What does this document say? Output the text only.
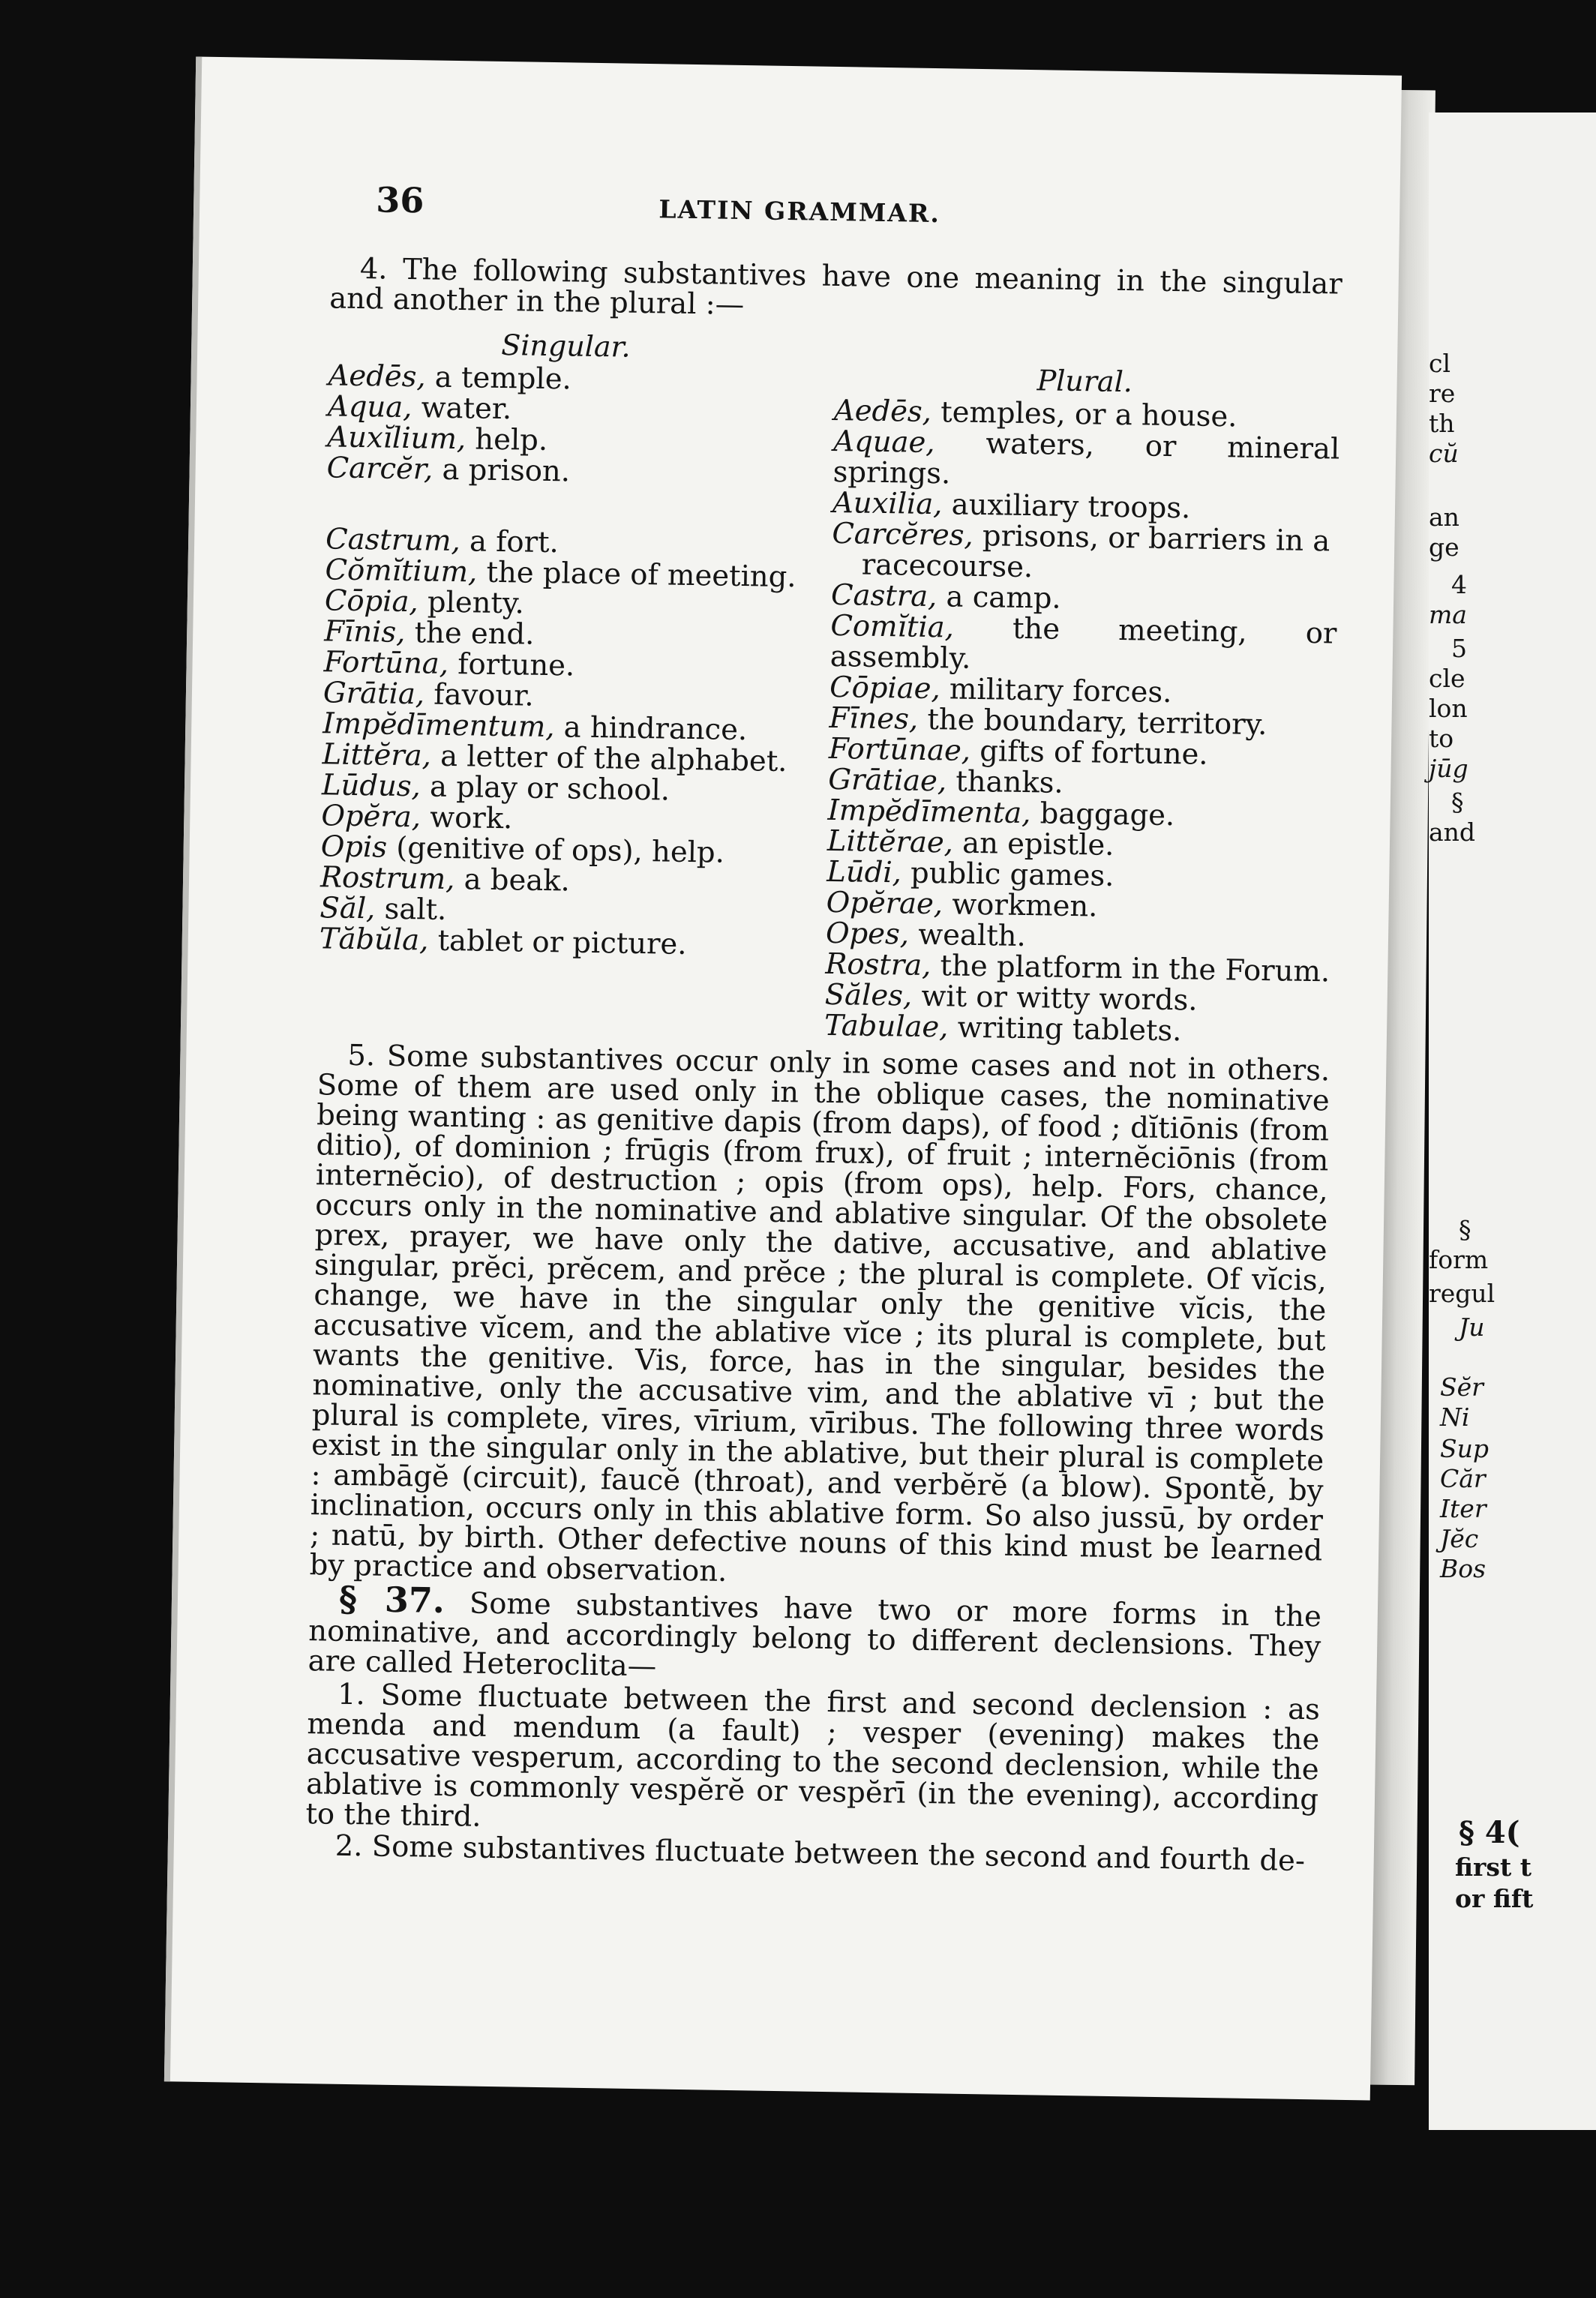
cl
re
th
cŭ
an
ge
4
ma
5
cle
lon
to
jūg
§
and
§
form
regul
Ju
Sĕr
Ni
Sup
Căr
Iter
Jĕc
Bos
§ 4(
first t
or fift
36	LATIN GRAMMAR.

4. The following substantives have one meaning in the singular and another in the plural :—

Singular.

Aedēs, a temple.

Aqua, water.

Auxĭlium, help.

Carcĕr, a prison.

Castrum, a fort.

Cŏmĭtium, the place of meeting.

Cōpia, plenty.

Fīnis, the end.

Fortūna, fortune.

Grātia, favour.

Impĕdīmentum, a hindrance.

Littĕra, a letter of the alphabet.

Lūdus, a play or school.

Opĕra, work.

Opis (genitive of ops), help.

Rostrum, a beak.

Săl, salt.

Tăbŭla, tablet or picture.

Plural.

Aedēs, temples, or a house.

Aquae, waters, or mineral springs.

Auxilia, auxiliary troops.

Carcĕres, prisons, or barriers in a

racecourse.

Castra, a camp.

Comĭtia, the meeting, or assembly.

Cōpiae, military forces.

Fīnes, the boundary, territory.

Fortūnae, gifts of fortune.

Grātiae, thanks.

Impĕdīmenta, baggage.

Littĕrae, an epistle.

Lūdi, public games.

Opĕrae, workmen.

Opes, wealth.

Rostra, the platform in the Forum.

Săles, wit or witty words.

Tabulae, writing tablets.

5. Some substantives occur only in some cases and not in others. Some of them are used only in the oblique cases, the nominative being wanting : as genitive dapis (from daps), of food ; dĭtiōnis (from ditio), of dominion ; frūgis (from frux), of fruit ; internĕciōnis (from internĕcio), of destruction ; opis (from ops), help. Fors, chance, occurs only in the nominative and ablative singular. Of the obsolete prex, prayer, we have only the dative, accusative, and ablative singular, prĕci, prĕcem, and prĕce ; the plural is complete. Of vĭcis, change, we have in the singular only the genitive vĭcis, the accusative vĭcem, and the ablative vĭce ; its plural is complete, but wants the genitive. Vis, force, has in the singular, besides the nominative, only the accusative vim, and the ablative vī ; but the plural is complete, vīres, vīrium, vīribus. The following three words exist in the singular only in the ablative, but their plural is complete : ambāgĕ (circuit), faucĕ (throat), and verbĕrĕ (a blow). Spontĕ, by inclination, occurs only in this ablative form. So also jussū, by order ; natū, by birth. Other defective nouns of this kind must be learned by practice and observation.

§ 37. Some substantives have two or more forms in the nominative, and accordingly belong to different declensions. They are called Heteroclita—

1. Some fluctuate between the first and second declension : as menda and mendum (a fault) ; vesper (evening) makes the accusative vesperum, according to the second declension, while the ablative is commonly vespĕrĕ or vespĕrī (in the evening), according to the third.

2. Some substantives fluctuate between the second and fourth de-
